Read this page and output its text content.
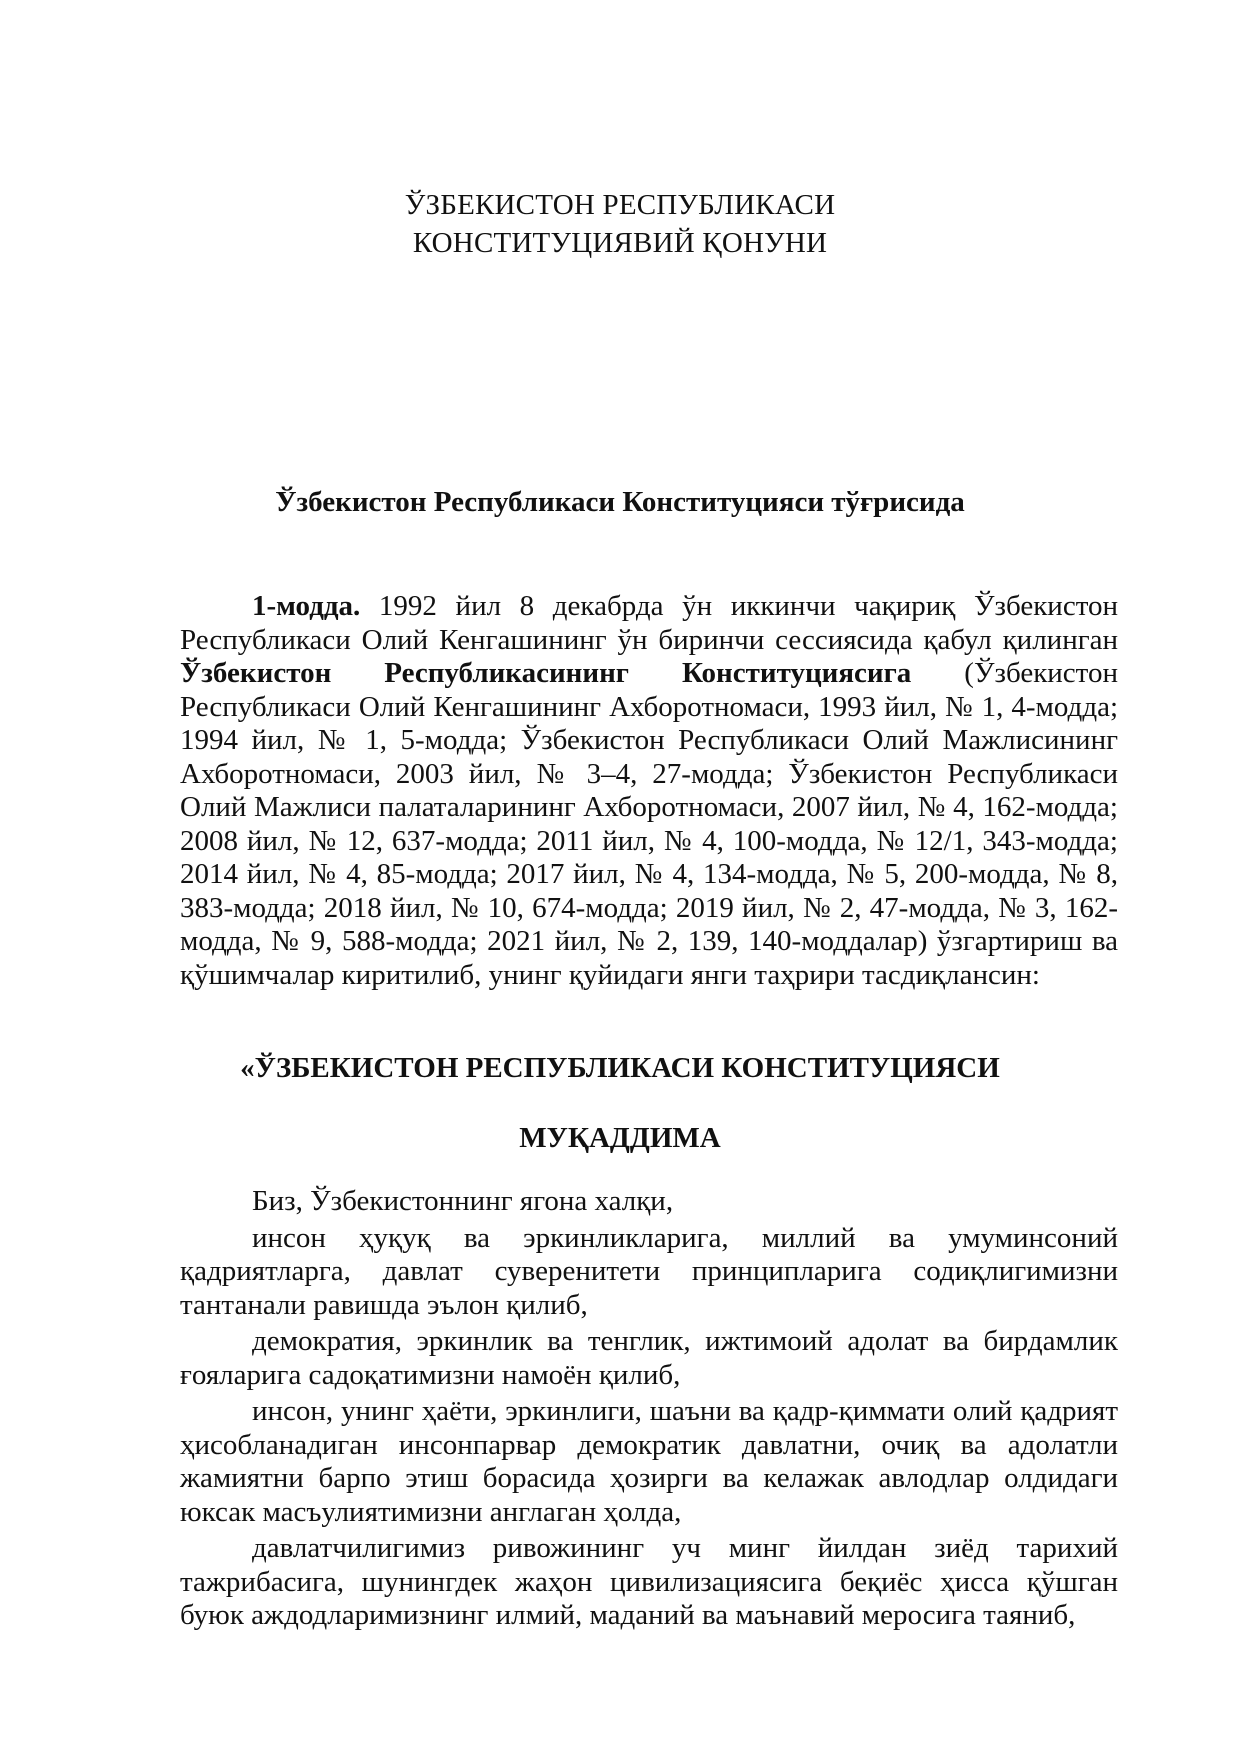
ЎЗБЕКИСТОН РЕСПУБЛИКАСИ
КОНСТИТУЦИЯВИЙ ҚОНУНИ
Ўзбекистон Республикаси Конституцияси тўғрисида
1-модда. 1992 йил 8 декабрда ўн иккинчи чақириқ Ўзбекистон Республикаси Олий Кенгашининг ўн биринчи сессиясида қабул қилинган Ўзбекистон Республикасининг Конституциясига (Ўзбекистон Республикаси Олий Кенгашининг Ахборотномаси, 1993 йил, № 1, 4-модда; 1994 йил, № 1, 5-модда; Ўзбекистон Республикаси Олий Мажлисининг Ахборотномаси, 2003 йил, № 3–4, 27-модда; Ўзбекистон Республикаси Олий Мажлиси палаталарининг Ахборотномаси, 2007 йил, № 4, 162-модда; 2008 йил, № 12, 637-модда; 2011 йил, № 4, 100-модда, № 12/1, 343-модда; 2014 йил, № 4, 85-модда; 2017 йил, № 4, 134-модда, № 5, 200-модда, № 8, 383-модда; 2018 йил, № 10, 674-модда; 2019 йил, № 2, 47-модда, № 3, 162-модда, № 9, 588-модда; 2021 йил, № 2, 139, 140-моддалар) ўзгартириш ва қўшимчалар киритилиб, унинг қуйидаги янги таҳрири тасдиқлансин:
«ЎЗБЕКИСТОН РЕСПУБЛИКАСИ КОНСТИТУЦИЯСИ
МУҚАДДИМА

Биз, Ўзбекистоннинг ягона халқи,

инсон ҳуқуқ ва эркинликларига, миллий ва умуминсоний қадриятларга, давлат суверенитети принципларига содиқлигимизни тантанали равишда эълон қилиб,

демократия, эркинлик ва тенглик, ижтимоий адолат ва бирдамлик ғояларига садоқатимизни намоён қилиб,

инсон, унинг ҳаёти, эркинлиги, шаъни ва қадр-қиммати олий қадрият ҳисобланадиган инсонпарвар демократик давлатни, очиқ ва адолатли жамиятни барпо этиш борасида ҳозирги ва келажак авлодлар олдидаги юксак масъулиятимизни англаган ҳолда,

давлатчилигимиз ривожининг уч минг йилдан зиёд тарихий тажрибасига, шунингдек жаҳон цивилизациясига беқиёс ҳисса қўшган буюк аждодларимизнинг илмий, маданий ва маънавий меросига таяниб,
